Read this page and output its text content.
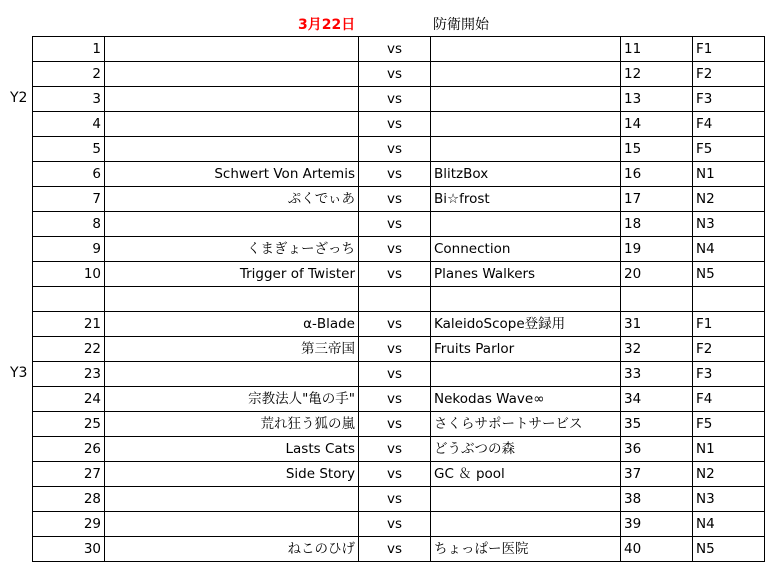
3月22日	防衛開始
Y2
Y3
1		vs		11	F1
2		vs		12	F2
3		vs		13	F3
4		vs		14	F4
5		vs		15	F5
6	Schwert Von Artemis	vs	BlitzBox	16	N1
7	ぷくでぃあ	vs	Bi☆frost	17	N2
8		vs		18	N3
9	くまぎょーざっち	vs	Connection	19	N4
10	Trigger of Twister	vs	Planes Walkers	20	N5

21	α-Blade	vs	KaleidoScope登録用	31	F1
22	第三帝国	vs	Fruits Parlor	32	F2
23		vs		33	F3
24	宗教法人"亀の手"	vs	Nekodas Wave∞	34	F4
25	荒れ狂う狐の嵐	vs	さくらサポートサービス	35	F5
26	Lasts Cats	vs	どうぶつの森	36	N1
27	Side Story	vs	GC ＆ pool	37	N2
28		vs		38	N3
29		vs		39	N4
30	ねこのひげ	vs	ちょっぱー医院	40	N5
